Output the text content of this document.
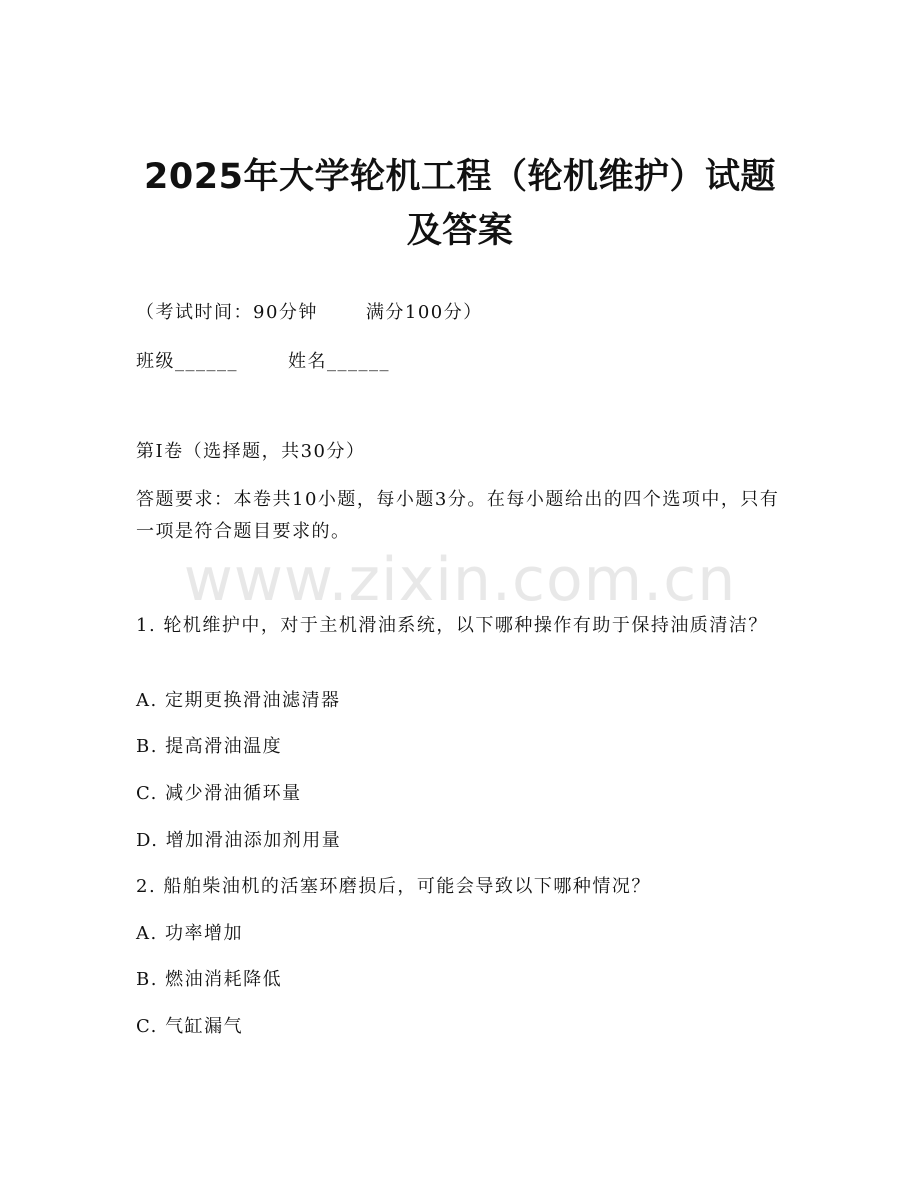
2025年大学轮机工程（轮机维护）试题及答案

（考试时间：90分钟	满分100分）

班级______	姓名______

第I卷（选择题，共30分）

答题要求：本卷共10小题，每小题3分。在每小题给出的四个选项中，只有一项是符合题目要求的。

www.zixin.com.cn

1. 轮机维护中，对于主机滑油系统，以下哪种操作有助于保持油质清洁？

A. 定期更换滑油滤清器

B. 提高滑油温度

C. 减少滑油循环量

D. 增加滑油添加剂用量

2. 船舶柴油机的活塞环磨损后，可能会导致以下哪种情况？

A. 功率增加

B. 燃油消耗降低

C. 气缸漏气
